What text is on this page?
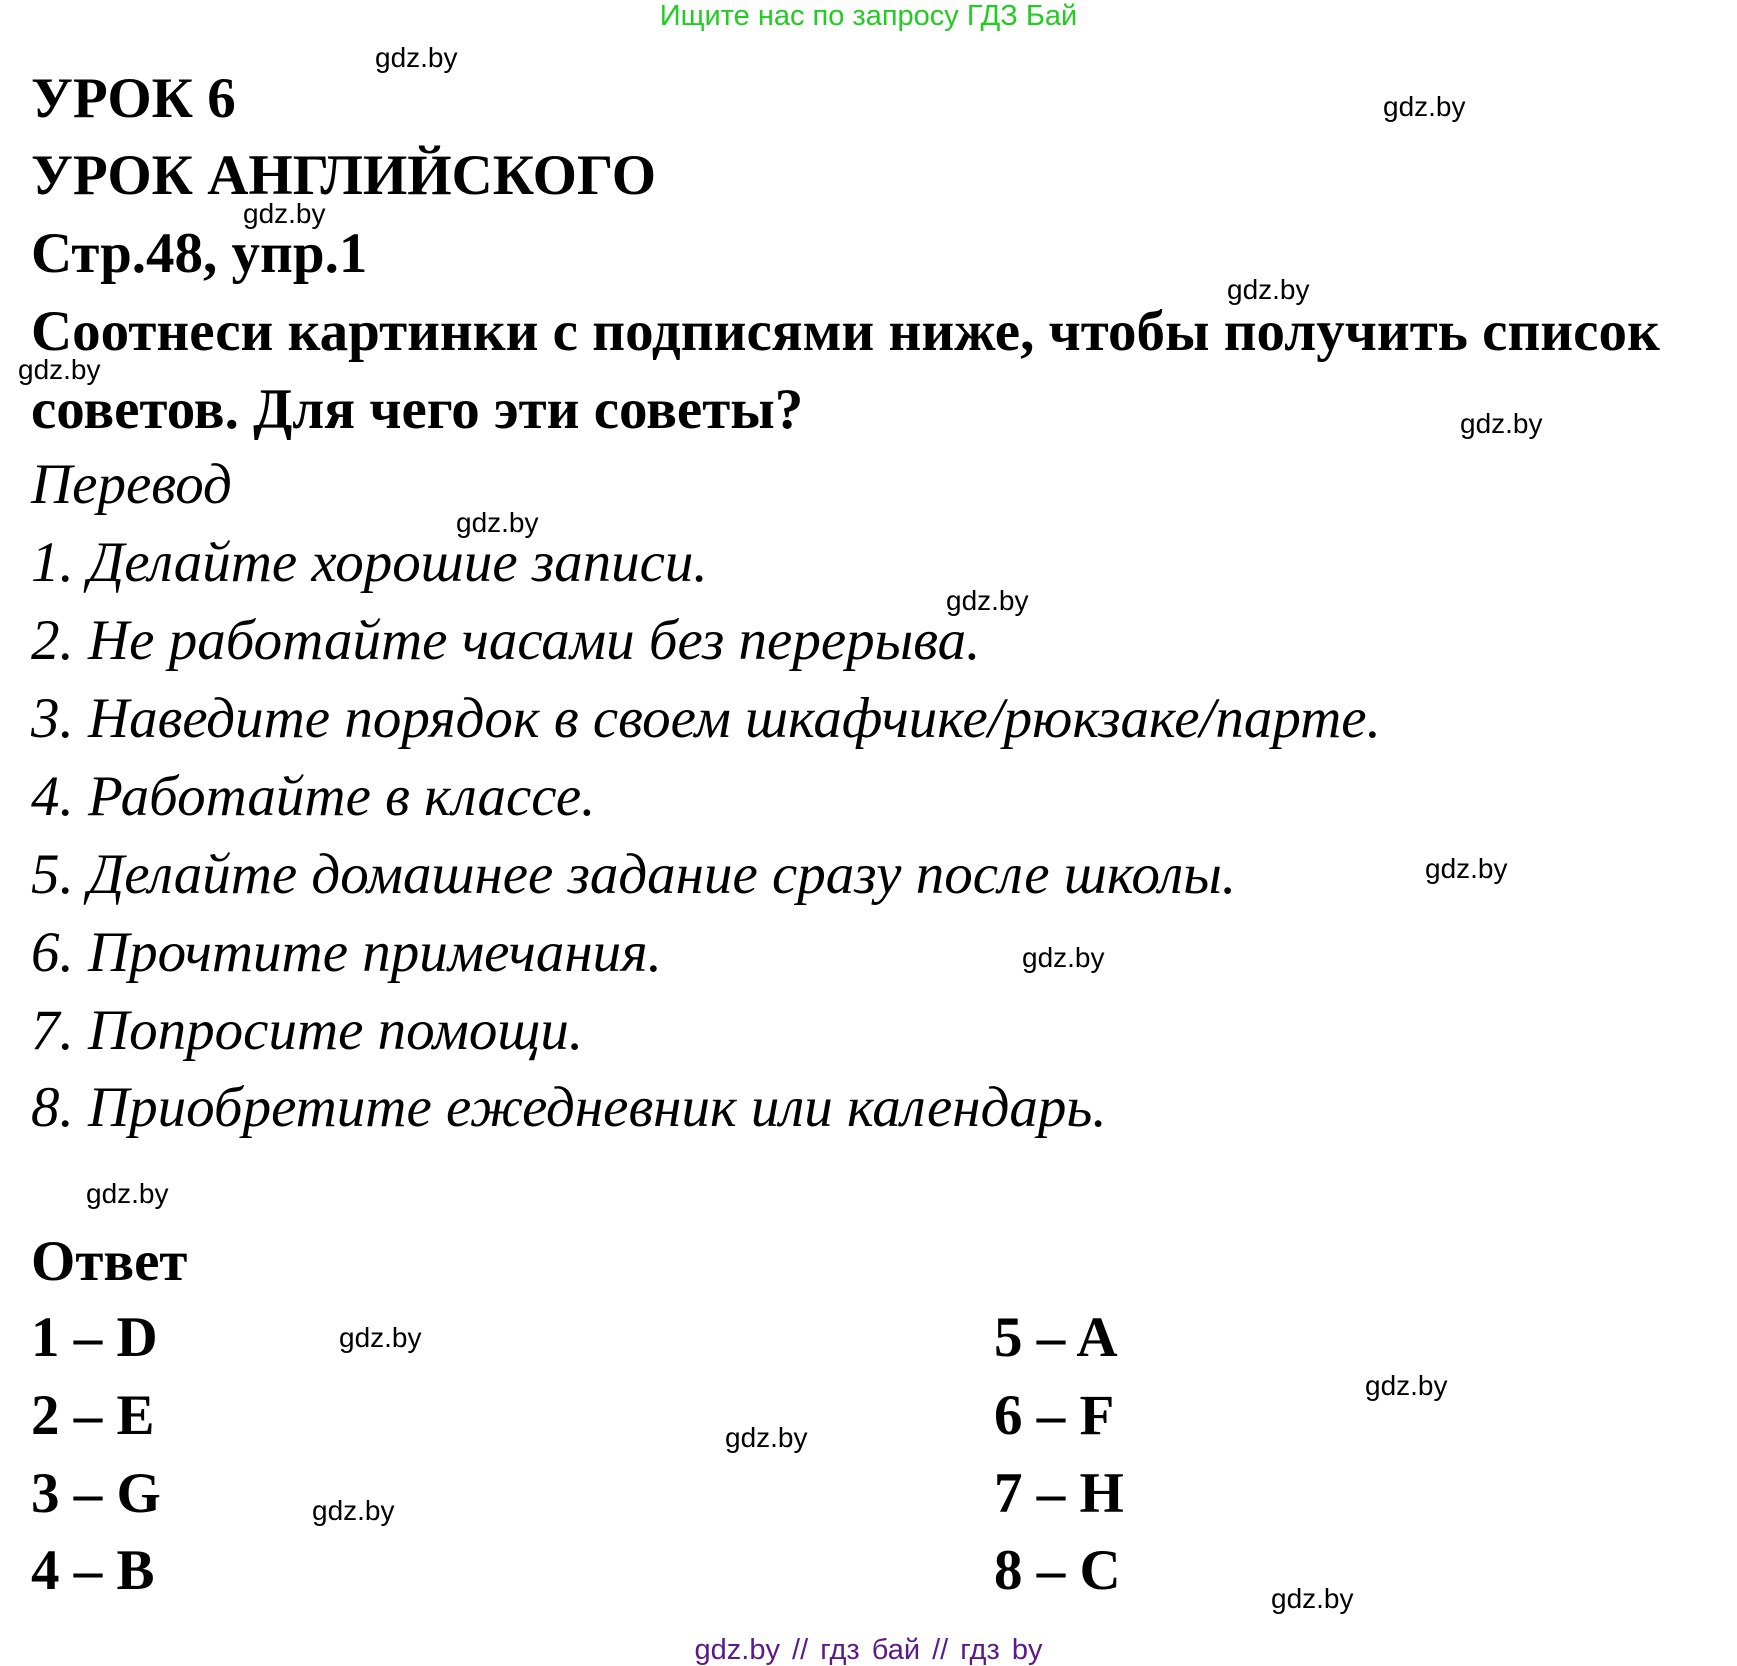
Ищите нас по запросу ГДЗ Бай
УРОК 6
УРОК АНГЛИЙСКОГО
Стр.48, упр.1
Соотнеси картинки с подписями ниже, чтобы получить список
советов. Для чего эти советы?
Перевод
1. Делайте хорошие записи.
2. Не работайте часами без перерыва.
3. Наведите порядок в своем шкафчике/рюкзаке/парте.
4. Работайте в классе.
5. Делайте домашнее задание сразу после школы.
6. Прочтите примечания.
7. Попросите помощи.
8. Приобретите ежедневник или календарь.
Ответ
1 – D
2 – E
3 – G
4 – B
5 – A
6 – F
7 – H
8 – C
gdz.by
gdz.by
gdz.by
gdz.by
gdz.by
gdz.by
gdz.by
gdz.by
gdz.by
gdz.by
gdz.by
gdz.by
gdz.by
gdz.by
gdz.by
gdz.by
gdz.by // гдз бай // гдз by
